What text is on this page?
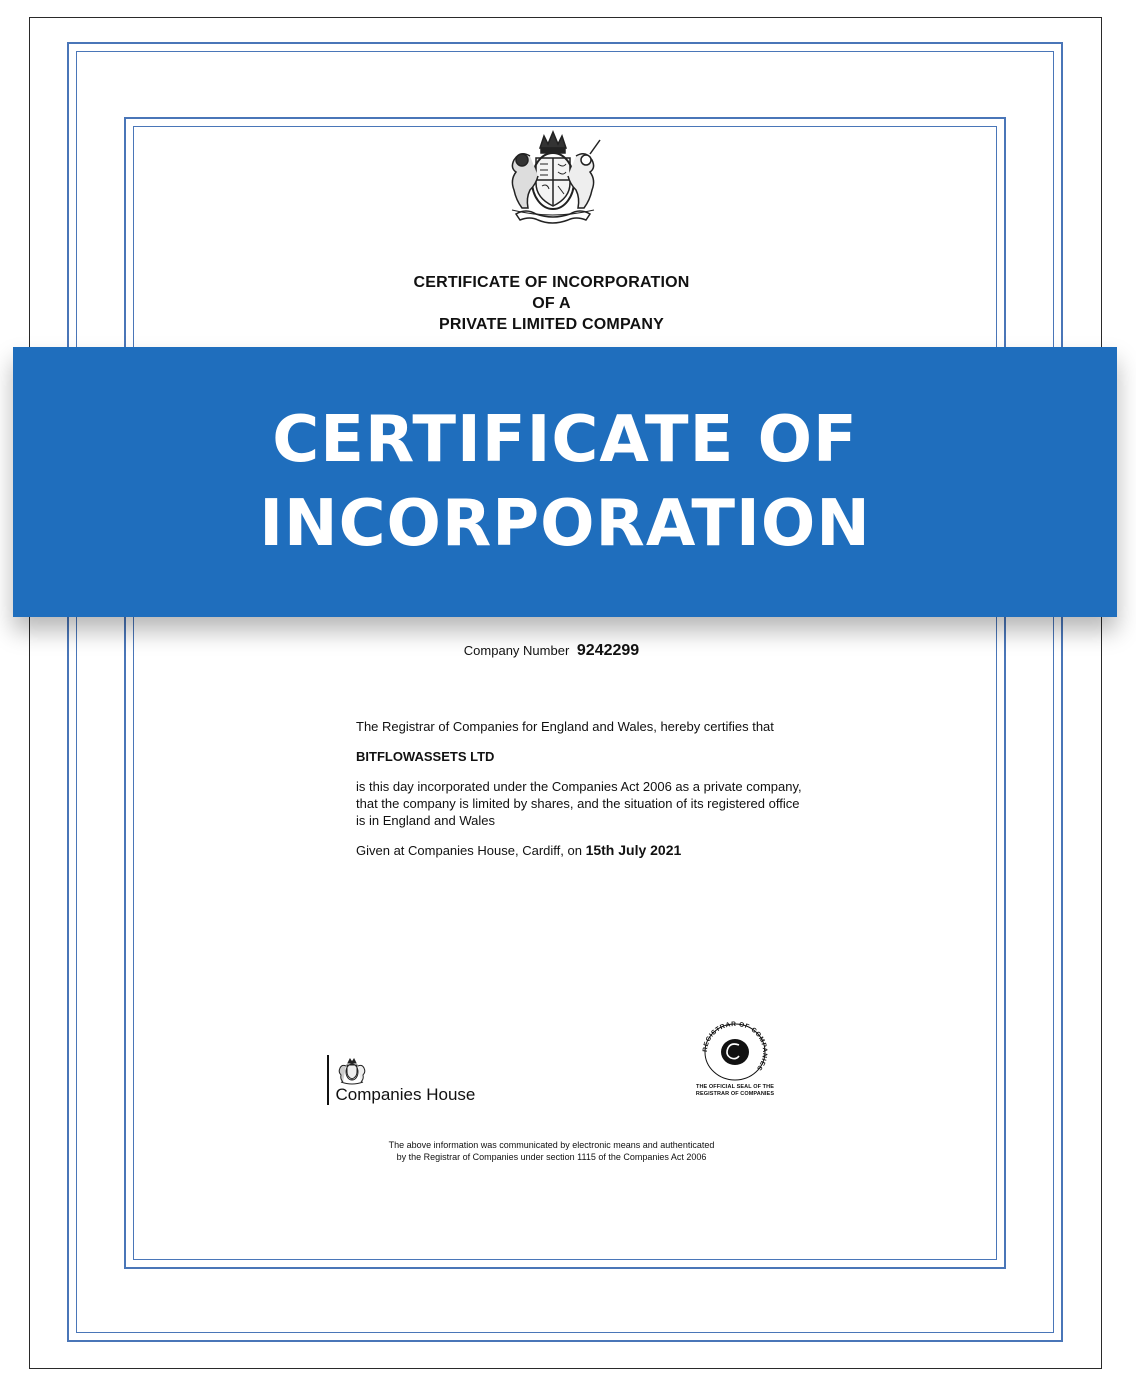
CERTIFICATE OF INCORPORATION
OF A
PRIVATE LIMITED COMPANY
CERTIFICATE OF
INCORPORATION
Company Number 9242299

The Registrar of Companies for England and Wales, hereby certifies that

BITFLOWASSETS LTD

is this day incorporated under the Companies Act 2006 as a private company, that the company is limited by shares, and the situation of its registered office is in England and Wales

Given at Companies House, Cardiff, on 15th July 2021

Companies House
REGISTRAR OF COMPANIES
THE OFFICIAL SEAL OF THE
REGISTRAR OF COMPANIES
The above information was communicated by electronic means and authenticated
by the Registrar of Companies under section 1115 of the Companies Act 2006
